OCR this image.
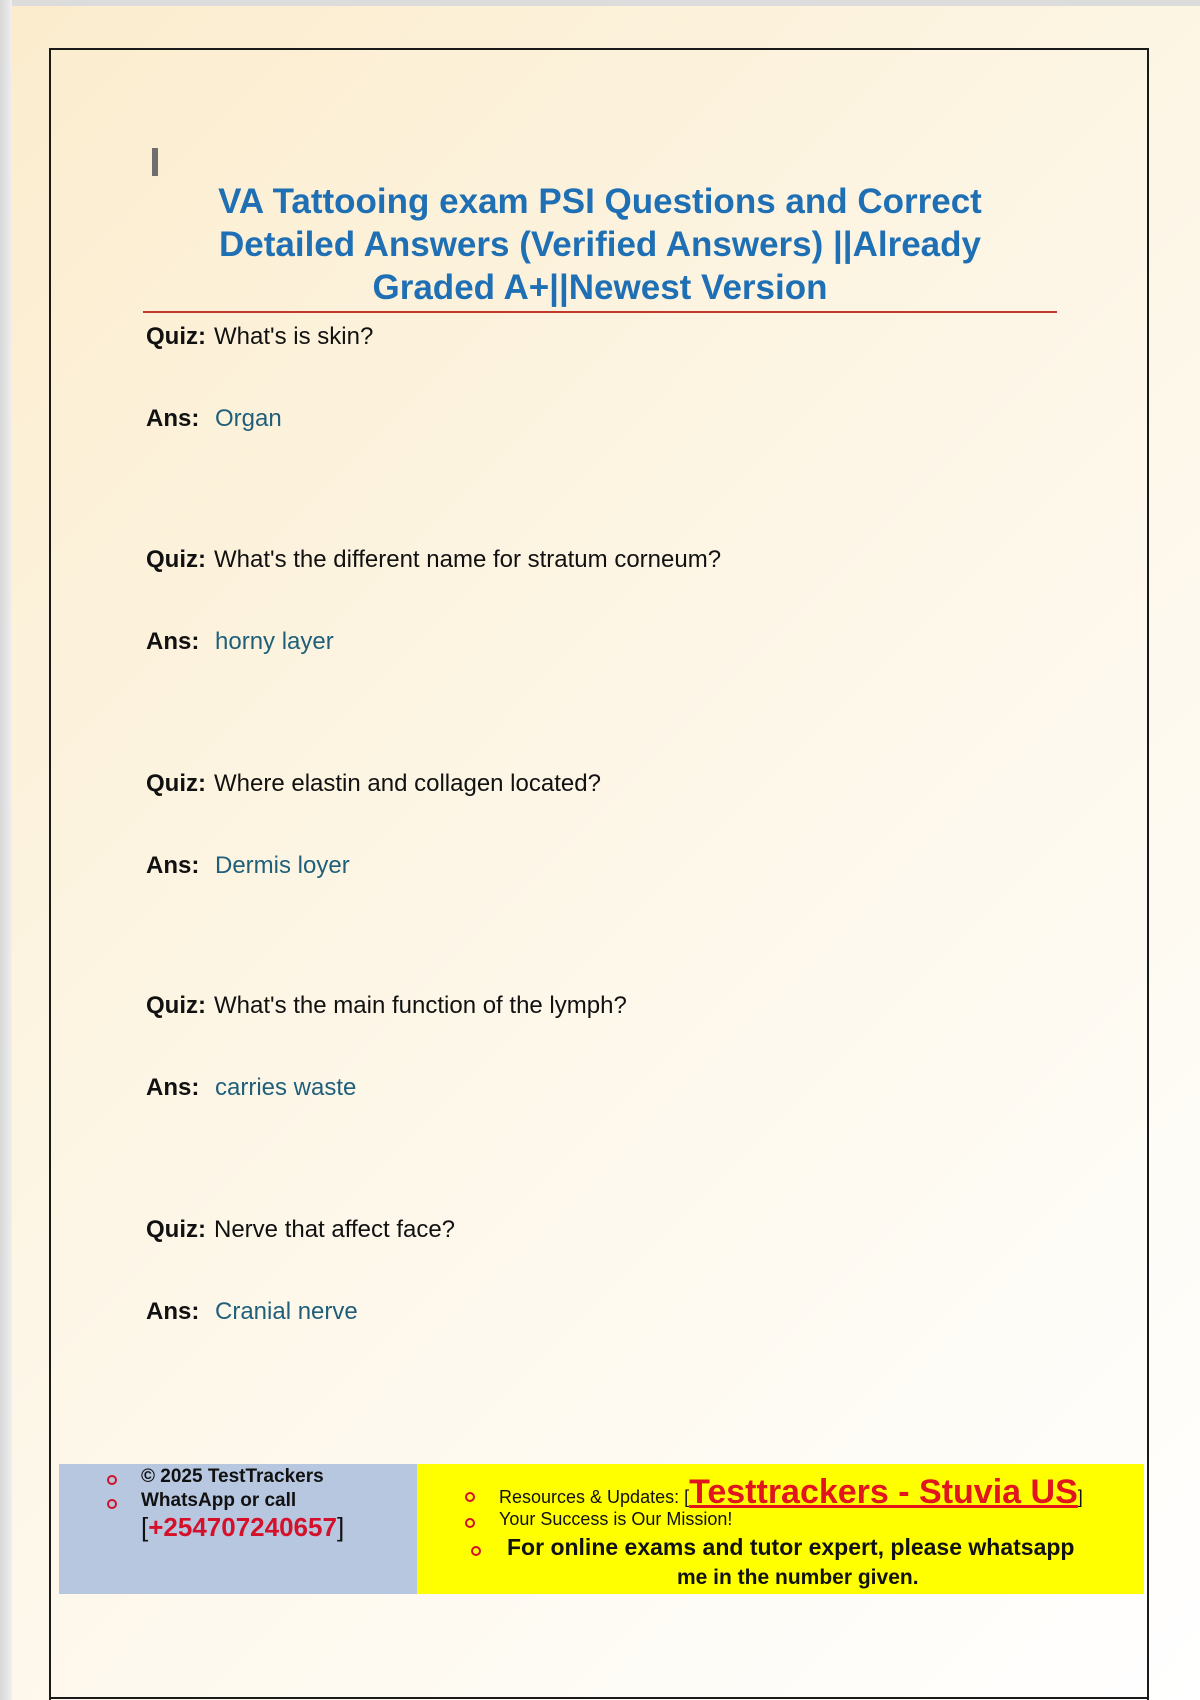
VA Tattooing exam PSI Questions and Correct
Detailed Answers (Verified Answers) ||Already
Graded A+||Newest Version
Quiz: What's is skin?
Ans: Organ
Quiz: What's the different name for stratum corneum?
Ans: horny layer
Quiz: Where elastin and collagen located?
Ans: Dermis loyer
Quiz: What's the main function of the lymph?
Ans: carries waste
Quiz: Nerve that affect face?
Ans: Cranial nerve
© 2025 TestTrackers
WhatsApp or call
[+254707240657]
Resources & Updates: [Testtrackers - Stuvia US]
Your Success is Our Mission!
For online exams and tutor expert, please whatsapp
me in the number given.
